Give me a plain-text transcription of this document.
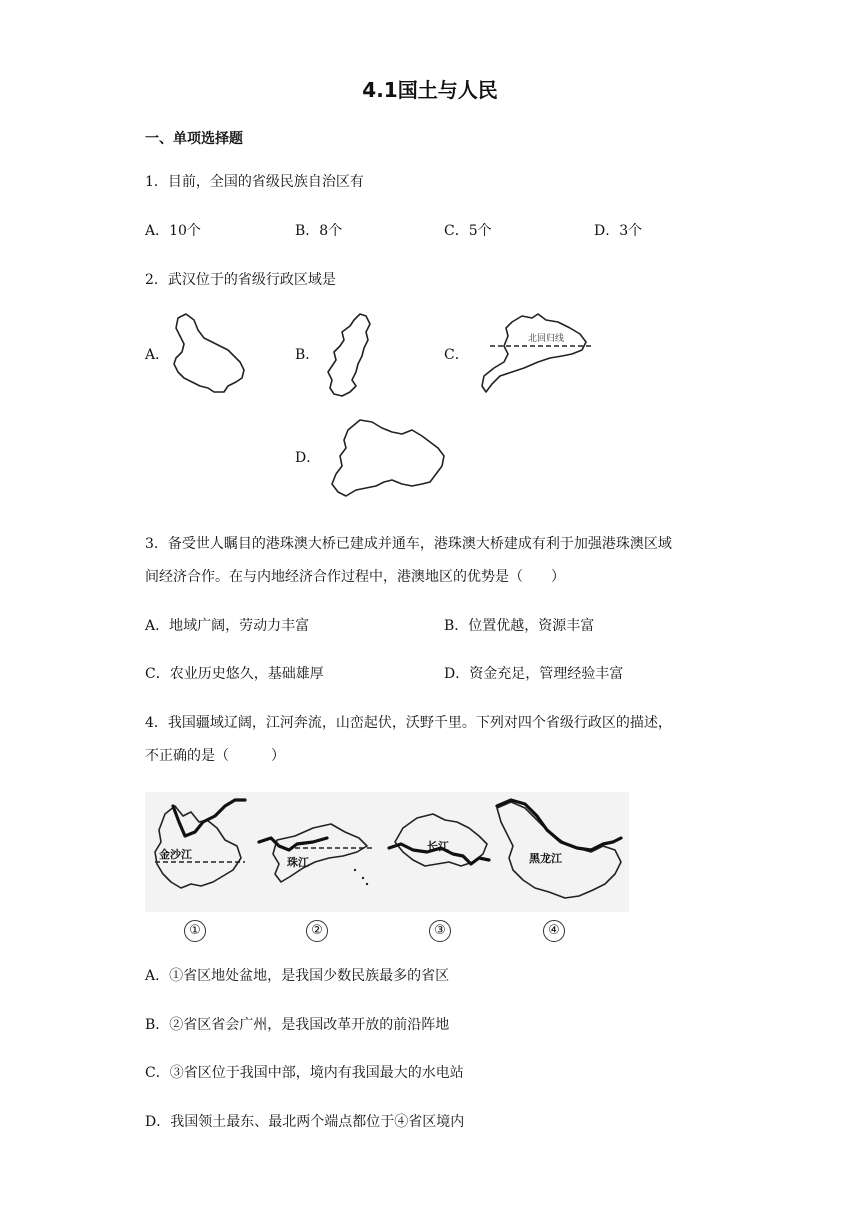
4.1国土与人民
一、单项选择题
1．目前，全国的省级民族自治区有
A．10个	B．8个	C．5个	D．3个
2．武汉位于的省级行政区域是
A．	B．	C．
北回归线
D．
3．备受世人瞩目的港珠澳大桥已建成并通车，港珠澳大桥建成有利于加强港珠澳区域
间经济合作。在与内地经济合作过程中，港澳地区的优势是（　　）
A．地域广阔，劳动力丰富	B．位置优越，资源丰富
C．农业历史悠久，基础雄厚	D．资金充足，管理经验丰富
4．我国疆域辽阔，江河奔流，山峦起伏，沃野千里。下列对四个省级行政区的描述，
不正确的是（　　　）
金沙江
珠江
长江
黑龙江
①	②	③	④
A．①省区地处盆地，是我国少数民族最多的省区
B．②省区省会广州，是我国改革开放的前沿阵地
C．③省区位于我国中部，境内有我国最大的水电站
D．我国领土最东、最北两个端点都位于④省区境内
